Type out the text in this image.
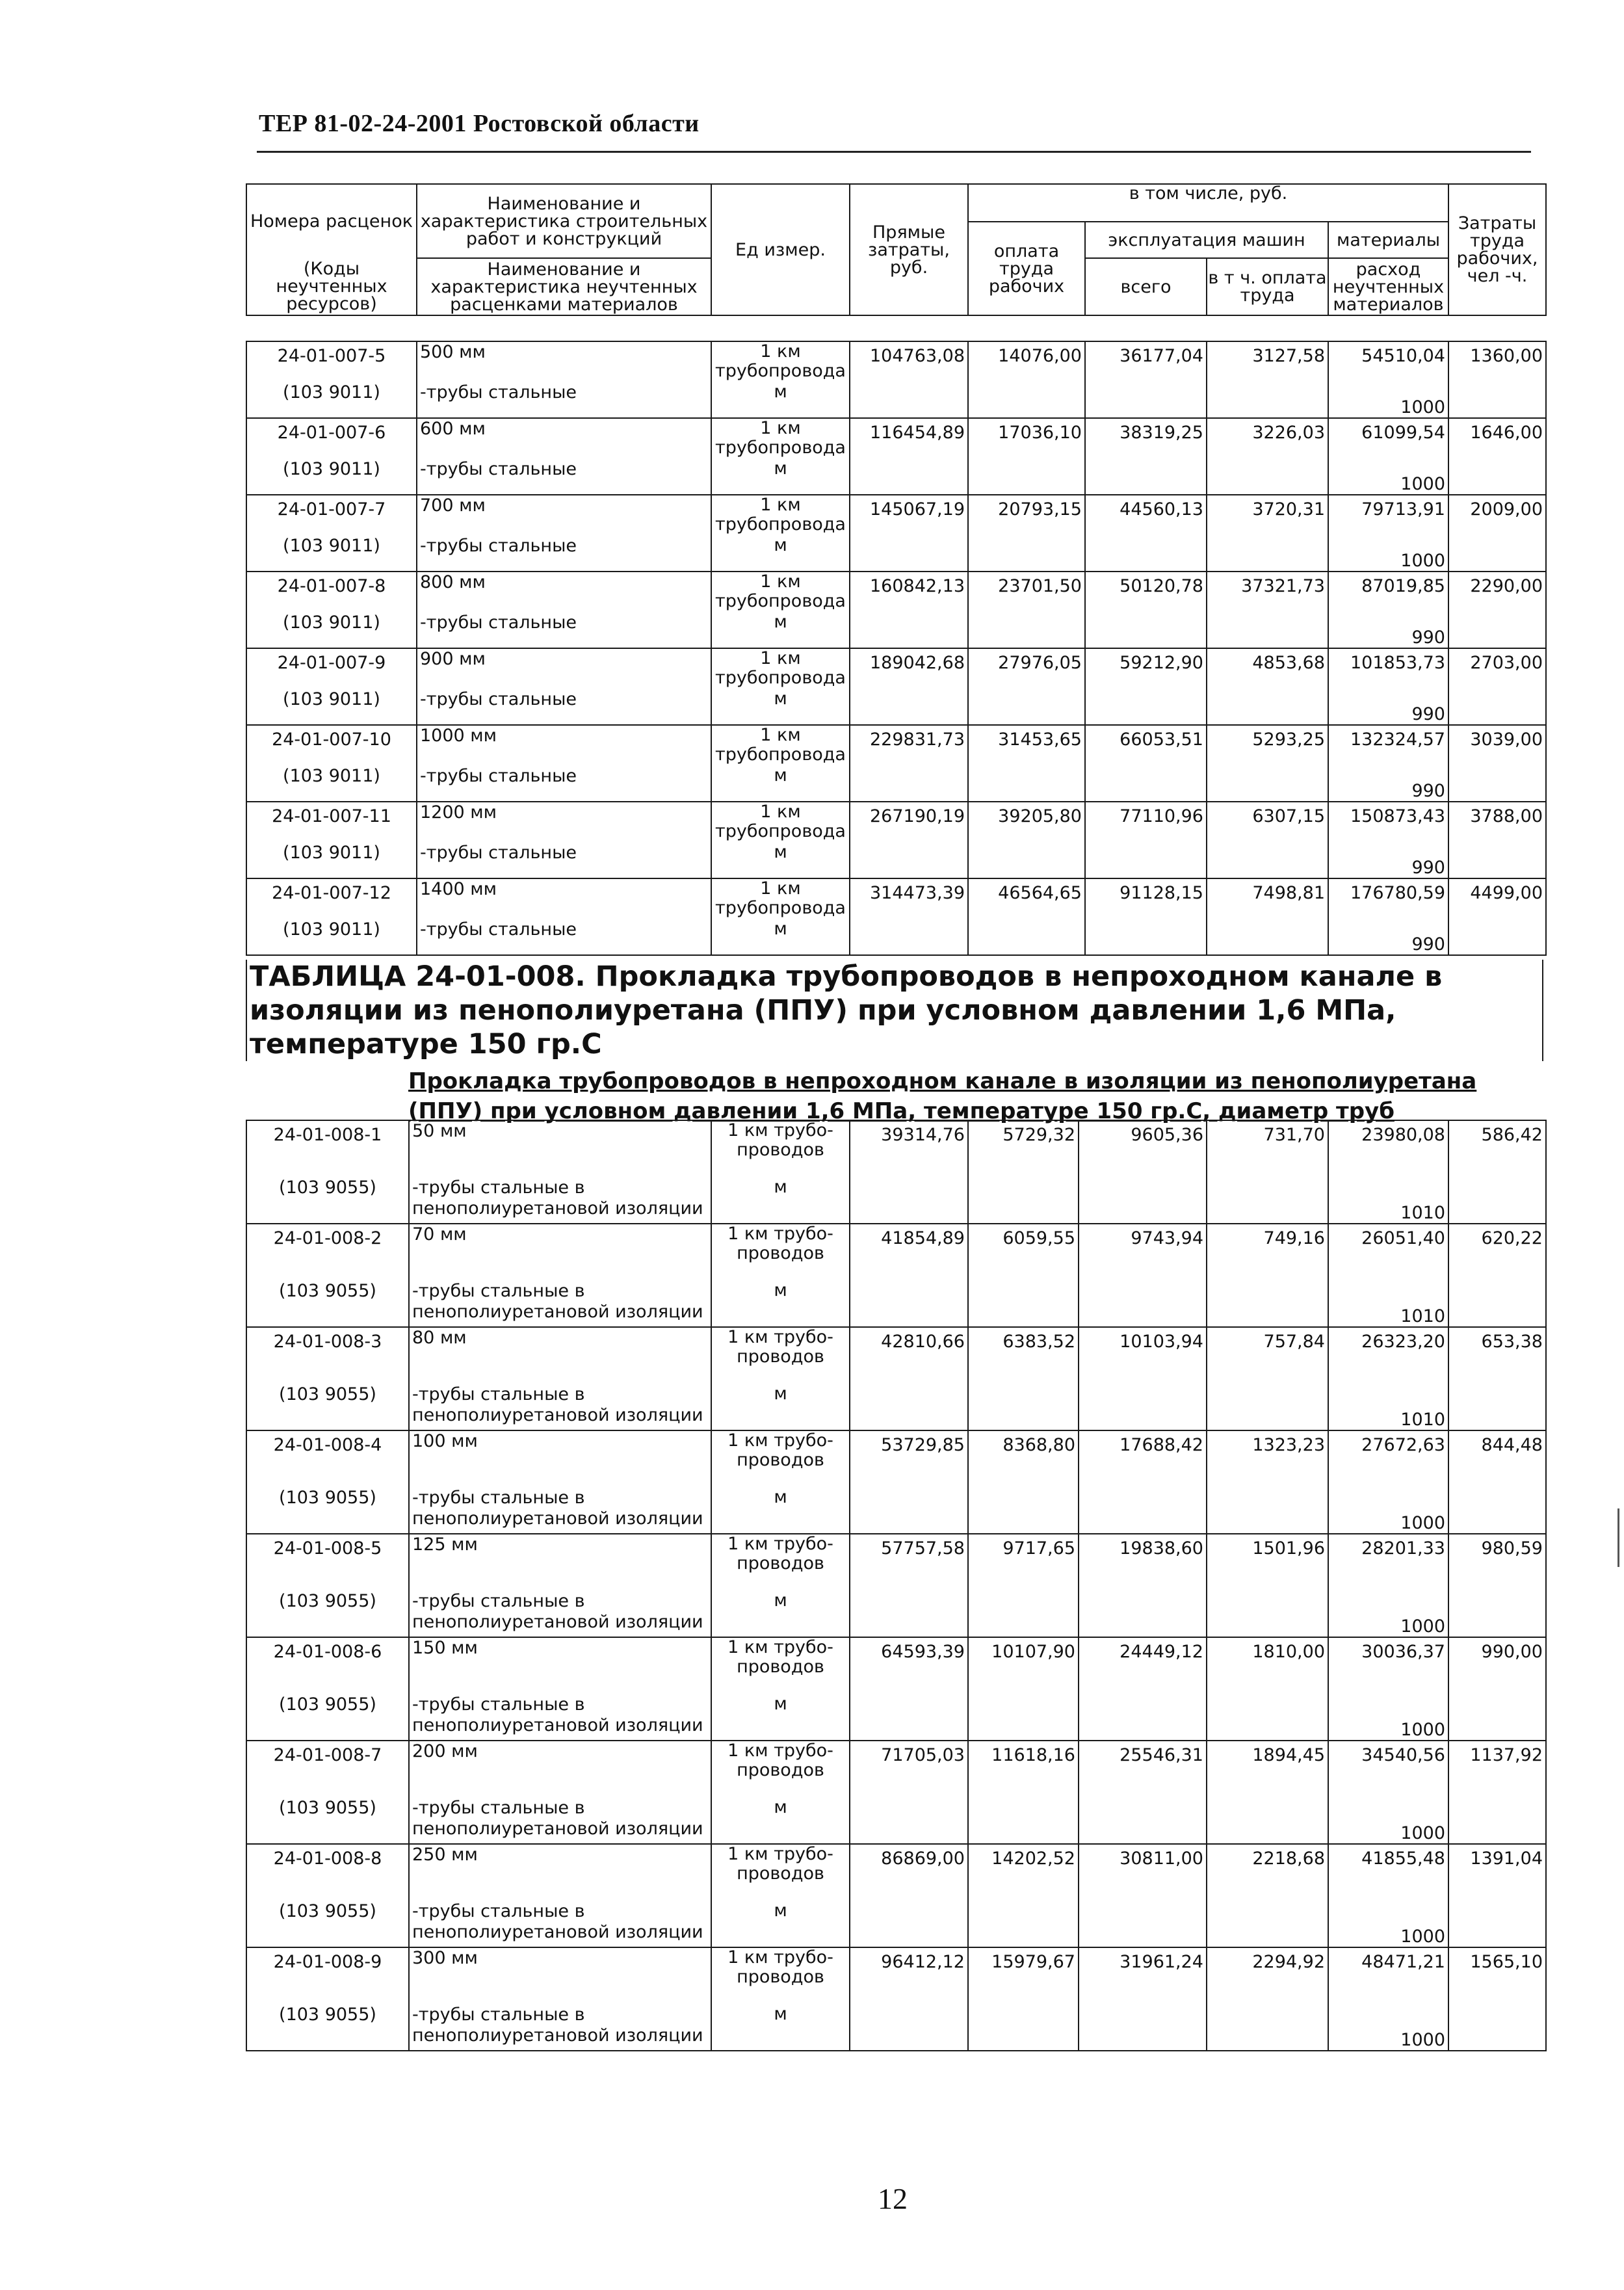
ТЕР 81-02-24-2001 Ростовской области
Номера расценок	Наименование и характеристика строительных работ и конструкций	Ед измер.	Прямые затраты, руб.	в том числе, руб.				Затраты труда рабочих, чел -ч.
				оплата труда рабочих	эксплуатация машин		материалы	
(Коды неучтенных ресурсов)	Наименование и характеристика неучтенных расценками материалов				всего	в т ч. оплата труда	расход неучтенных материалов	

24-01-007-5	500 мм	1 км трубопровода	104763,08	14076,00	36177,04	3127,58	54510,04	1360,00
(103 9011)	-трубы стальные	м					1000	
24-01-007-6	600 мм	1 км трубопровода	116454,89	17036,10	38319,25	3226,03	61099,54	1646,00
(103 9011)	-трубы стальные	м					1000	
24-01-007-7	700 мм	1 км трубопровода	145067,19	20793,15	44560,13	3720,31	79713,91	2009,00
(103 9011)	-трубы стальные	м					1000	
24-01-007-8	800 мм	1 км трубопровода	160842,13	23701,50	50120,78	37321,73	87019,85	2290,00
(103 9011)	-трубы стальные	м					990	
24-01-007-9	900 мм	1 км трубопровода	189042,68	27976,05	59212,90	4853,68	101853,73	2703,00
(103 9011)	-трубы стальные	м					990	
24-01-007-10	1000 мм	1 км трубопровода	229831,73	31453,65	66053,51	5293,25	132324,57	3039,00
(103 9011)	-трубы стальные	м					990	
24-01-007-11	1200 мм	1 км трубопровода	267190,19	39205,80	77110,96	6307,15	150873,43	3788,00
(103 9011)	-трубы стальные	м					990	
24-01-007-12	1400 мм	1 км трубопровода	314473,39	46564,65	91128,15	7498,81	176780,59	4499,00
(103 9011)	-трубы стальные	м					990	
ТАБЛИЦА 24-01-008. Прокладка трубопроводов в непроходном канале в изоляции из пенополиуретана (ППУ) при условном давлении 1,6 МПа, температуре 150 гр.С
Прокладка трубопроводов в непроходном канале в изоляции из пенополиуретана (ППУ) при условном давлении 1,6 МПа, температуре 150 гр.С, диаметр труб
24-01-008-1	50 мм	1 км трубо-проводов	39314,76	5729,32	9605,36	731,70	23980,08	586,42
(103 9055)	-трубы стальные в пенополиуретановой изоляции	м					1010	
24-01-008-2	70 мм	1 км трубо-проводов	41854,89	6059,55	9743,94	749,16	26051,40	620,22
(103 9055)	-трубы стальные в пенополиуретановой изоляции	м					1010	
24-01-008-3	80 мм	1 км трубо-проводов	42810,66	6383,52	10103,94	757,84	26323,20	653,38
(103 9055)	-трубы стальные в пенополиуретановой изоляции	м					1010	
24-01-008-4	100 мм	1 км трубо-проводов	53729,85	8368,80	17688,42	1323,23	27672,63	844,48
(103 9055)	-трубы стальные в пенополиуретановой изоляции	м					1000	
24-01-008-5	125 мм	1 км трубо-проводов	57757,58	9717,65	19838,60	1501,96	28201,33	980,59
(103 9055)	-трубы стальные в пенополиуретановой изоляции	м					1000	
24-01-008-6	150 мм	1 км трубо-проводов	64593,39	10107,90	24449,12	1810,00	30036,37	990,00
(103 9055)	-трубы стальные в пенополиуретановой изоляции	м					1000	
24-01-008-7	200 мм	1 км трубо-проводов	71705,03	11618,16	25546,31	1894,45	34540,56	1137,92
(103 9055)	-трубы стальные в пенополиуретановой изоляции	м					1000	
24-01-008-8	250 мм	1 км трубо-проводов	86869,00	14202,52	30811,00	2218,68	41855,48	1391,04
(103 9055)	-трубы стальные в пенополиуретановой изоляции	м					1000	
24-01-008-9	300 мм	1 км трубо-проводов	96412,12	15979,67	31961,24	2294,92	48471,21	1565,10
(103 9055)	-трубы стальные в пенополиуретановой изоляции	м					1000	
12
